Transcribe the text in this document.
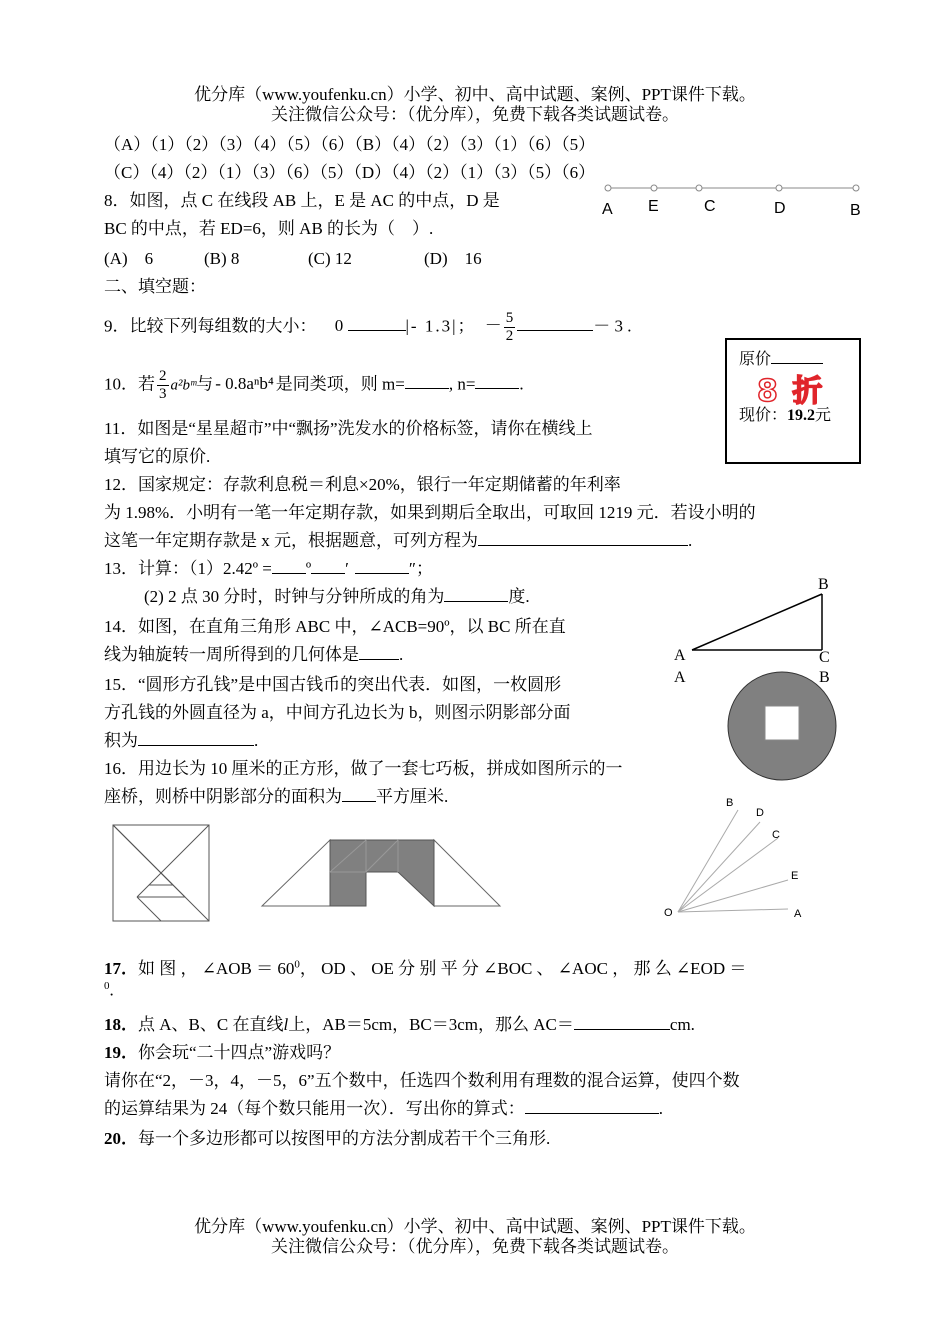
优分库（www.youfenku.cn）小学、初中、高中试题、案例、PPT课件下载。
关注微信公众号：（优分库），免费下载各类试题试卷。
（A）（1）（2）（3）（4）（5）（6）（B）（4）（2）（3）（1）（6）（5）
（C）（4）（2）（1）（3）（6）（5）（D）（4）（2）（1）（3）（5）（6）
8．如图，点 C 在线段 AB 上，E 是 AC 的中点，D 是
BC 的中点，若 ED=6，则 AB 的长为（　）.
(A)　6	(B) 8	(C) 12	(D)　16
A E	C	D	B
二、填空题：
9．比较下列每组数的大小： 0	|- 1.3|； － $\frac{5}{2}$	－ 3 .
10．若 $\frac{2}{3}$ a²bᵐ与 - 0.8aⁿb⁴ 是同类项，则 m=	, n=	.
原价
8 折
现价：19.2元
11．如图是“星星超市”中“飘扬”洗发水的价格标签，请你在横线上
填写它的原价.
12．国家规定：存款利息税＝利息×20%，银行一年定期储蓄的年利率
为 1.98%．小明有一笔一年定期存款，如果到期后全取出，可取回 1219 元．若设小明的
这笔一年定期存款是 x 元，根据题意，可列方程为	.
13．计算：（1）2.42º = º ′	″；
(2) 2 点 30 分时，时钟与分钟所成的角为	度.
B
A	C
A	B
14．如图，在直角三角形 ABC 中，∠ACB=90º，以 BC 所在直
线为轴旋转一周所得到的几何体是 .
15．“圆形方孔钱”是中国古钱币的突出代表．如图，一枚圆形
方孔钱的外圆直径为 a，中间方孔边长为 b，则图示阴影部分面
积为	.
16．用边长为 10 厘米的正方形，做了一套七巧板，拼成如图所示的一
座桥，则桥中阴影部分的面积为 平方厘米.	B
D
C
E
O	A
17．如 图 ， ∠AOB ＝ $60^0$， OD 、 OE 分 别 平 分 ∠BOC 、 ∠AOC ， 那 么 ∠EOD ＝
$^0$.
18．点 A、B、C 在直线l上，AB＝5cm，BC＝3cm，那么 AC＝	cm.
19．你会玩“二十四点”游戏吗？
请你在“2，－3，4，－5，6”五个数中，任选四个数利用有理数的混合运算，使四个数
的运算结果为 24（每个数只能用一次）．写出你的算式：	.
20．每一个多边形都可以按图甲的方法分割成若干个三角形.
优分库（www.youfenku.cn）小学、初中、高中试题、案例、PPT课件下载。
关注微信公众号：（优分库），免费下载各类试题试卷。
